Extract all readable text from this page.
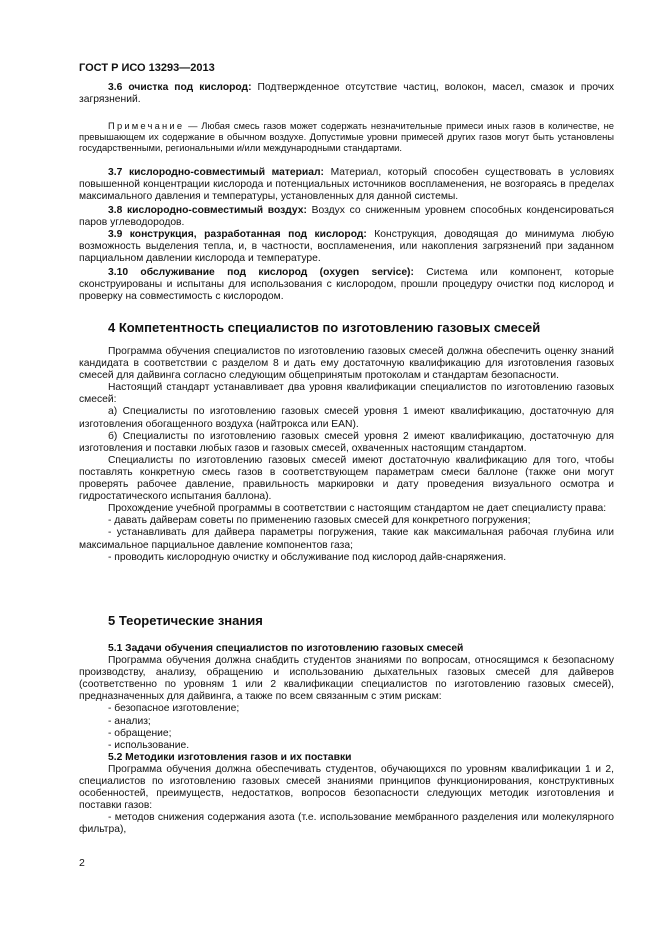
ГОСТ Р ИСО 13293—2013

3.6 очистка под кислород: Подтвержденное отсутствие частиц, волокон, масел, смазок и прочих загрязнений.

Примечание — Любая смесь газов может содержать незначительные примеси иных газов в количестве, не превышающем их содержание в обычном воздухе. Допустимые уровни примесей других газов могут быть установлены государственными, региональными и/или международными стандартами.

3.7 кислородно-совместимый материал: Материал, который способен существовать в условиях повышенной концентрации кислорода и потенциальных источников воспламенения, не возгораясь в пределах максимального давления и температуры, установленных для данной системы.

3.8 кислородно-совместимый воздух: Воздух со сниженным уровнем способных конденсироваться паров углеводородов.

3.9 конструкция, разработанная под кислород: Конструкция, доводящая до минимума любую возможность выделения тепла, и, в частности, воспламенения, или накопления загрязнений при заданном парциальном давлении кислорода и температуре.

3.10 обслуживание под кислород (oxygen service): Система или компонент, которые сконструированы и испытаны для использования с кислородом, прошли процедуру очистки под кислород и проверку на совместимость с кислородом.

4 Компетентность специалистов по изготовлению газовых смесей

Программа обучения специалистов по изготовлению газовых смесей должна обеспечить оценку знаний кандидата в соответствии с разделом 8 и дать ему достаточную квалификацию для изготовления газовых смесей для дайвинга согласно следующим общепринятым протоколам и стандартам безопасности.

Настоящий стандарт устанавливает два уровня квалификации специалистов по изготовлению газовых смесей:

а) Специалисты по изготовлению газовых смесей уровня 1 имеют квалификацию, достаточную для изготовления обогащенного воздуха (найтрокса или EAN).

б) Специалисты по изготовлению газовых смесей уровня 2 имеют квалификацию, достаточную для изготовления и поставки любых газов и газовых смесей, охваченных настоящим стандартом.

Специалисты по изготовлению газовых смесей имеют достаточную квалификацию для того, чтобы поставлять конкретную смесь газов в соответствующем параметрам смеси баллоне (также они могут проверять рабочее давление, правильность маркировки и дату проведения визуального осмотра и гидростатического испытания баллона).

Прохождение учебной программы в соответствии с настоящим стандартом не дает специалисту права:

- давать дайверам советы по применению газовых смесей для конкретного погружения;

- устанавливать для дайвера параметры погружения, такие как максимальная рабочая глубина или максимальное парциальное давление компонентов газа;

- проводить кислородную очистку и обслуживание под кислород дайв-снаряжения.

5 Теоретические знания
5.1 Задачи обучения специалистов по изготовлению газовых смесей

Программа обучения должна снабдить студентов знаниями по вопросам, относящимся к безопасному производству, анализу, обращению и использованию дыхательных газовых смесей для дайверов (соответственно по уровням 1 или 2 квалификации специалистов по изготовлению газовых смесей), предназначенных для дайвинга, а также по всем связанным с этим рискам:

- безопасное изготовление;

- анализ;

- обращение;

- использование.

5.2 Методики изготовления газов и их поставки

Программа обучения должна обеспечивать студентов, обучающихся по уровням квалификации 1 и 2, специалистов по изготовлению газовых смесей знаниями принципов функционирования, конструктивных особенностей, преимуществ, недостатков, вопросов безопасности следующих методик изготовления и поставки газов:

- методов снижения содержания азота (т.е. использование мембранного разделения или молекулярного фильтра),

2
